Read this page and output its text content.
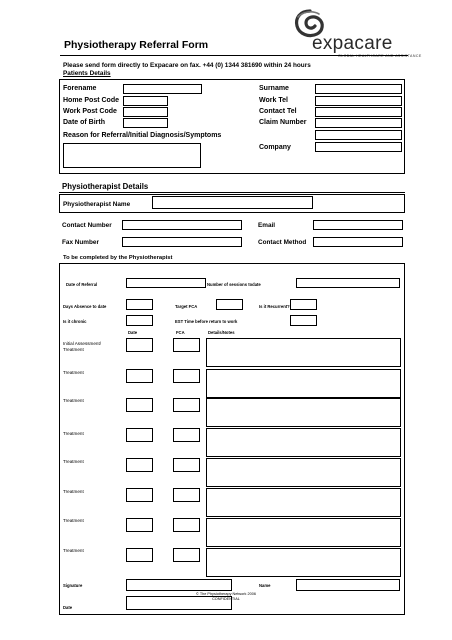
expacare
GLOBAL HEALTHCARE AND ASSISTANCE
Physiotherapy Referral Form
Please send form directly to Expacare on fax. +44 (0) 1344 381690 within 24 hours
Patients Details
Forename	Surname
Home Post Code	Work Tel
Work Post Code	Contact Tel
Date of Birth	Claim Number
Reason for Referral/Initial Diagnosis/Symptoms
Company
Physiotherapist Details
Physiotherapist Name
Contact Number	Email
Fax Number	Contact Method
To be completed by the Physiotherapist
Date of Referral	Number of sessions todate
Days Absence to date	Target FCA	Is it Recurrent?
Is it chronic	EST Time before return to work
Date	FCA	Details/Notes
Initial Assessment/ Treatment
Treatment
Treatment
Treatment
Treatment
Treatment
Treatment
Treatment
Signature	Name
Date
© The Physiotherapy Network 2006
CONFIDENTIAL
